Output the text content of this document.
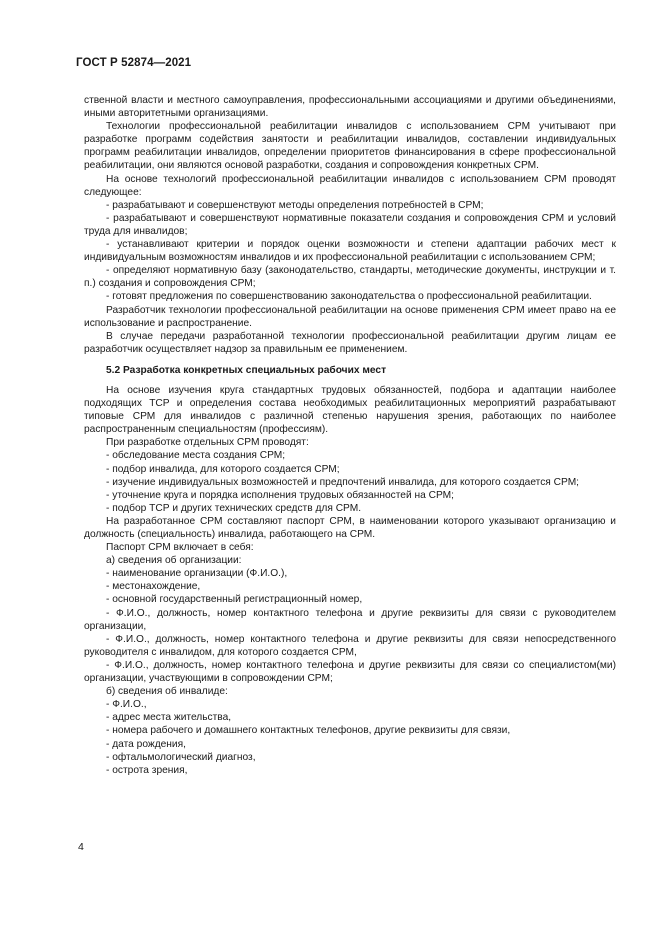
ГОСТ Р 52874—2021

ственной власти и местного самоуправления, профессиональными ассоциациями и другими объединениями, иными авторитетными организациями.

Технологии профессиональной реабилитации инвалидов с использованием СРМ учитывают при разработке программ содействия занятости и реабилитации инвалидов, составлении индивидуальных программ реабилитации инвалидов, определении приоритетов финансирования в сфере профессиональной реабилитации, они являются основой разработки, создания и сопровождения конкретных СРМ.

На основе технологий профессиональной реабилитации инвалидов с использованием СРМ проводят следующее:

- разрабатывают и совершенствуют методы определения потребностей в СРМ;

- разрабатывают и совершенствуют нормативные показатели создания и сопровождения СРМ и условий труда для инвалидов;

- устанавливают критерии и порядок оценки возможности и степени адаптации рабочих мест к индивидуальным возможностям инвалидов и их профессиональной реабилитации с использованием СРМ;

- определяют нормативную базу (законодательство, стандарты, методические документы, инструкции и т. п.) создания и сопровождения СРМ;

- готовят предложения по совершенствованию законодательства о профессиональной реабилитации.

Разработчик технологии профессиональной реабилитации на основе применения СРМ имеет право на ее использование и распространение.

В случае передачи разработанной технологии профессиональной реабилитации другим лицам ее разработчик осуществляет надзор за правильным ее применением.

5.2 Разработка конкретных специальных рабочих мест

На основе изучения круга стандартных трудовых обязанностей, подбора и адаптации наиболее подходящих ТСР и определения состава необходимых реабилитационных мероприятий разрабатывают типовые СРМ для инвалидов с различной степенью нарушения зрения, работающих по наиболее распространенным специальностям (профессиям).

При разработке отдельных СРМ проводят:

- обследование места создания СРМ;

- подбор инвалида, для которого создается СРМ;

- изучение индивидуальных возможностей и предпочтений инвалида, для которого создается СРМ;

- уточнение круга и порядка исполнения трудовых обязанностей на СРМ;

- подбор ТСР и других технических средств для СРМ.

На разработанное СРМ составляют паспорт СРМ, в наименовании которого указывают организацию и должность (специальность) инвалида, работающего на СРМ.

Паспорт СРМ включает в себя:

а) сведения об организации:

- наименование организации (Ф.И.О.),

- местонахождение,

- основной государственный регистрационный номер,

- Ф.И.О., должность, номер контактного телефона и другие реквизиты для связи с руководителем организации,

- Ф.И.О., должность, номер контактного телефона и другие реквизиты для связи непосредственного руководителя с инвалидом, для которого создается СРМ,

- Ф.И.О., должность, номер контактного телефона и другие реквизиты для связи со специалистом(ми) организации, участвующими в сопровождении СРМ;

б) сведения об инвалиде:

- Ф.И.О.,

- адрес места жительства,

- номера рабочего и домашнего контактных телефонов, другие реквизиты для связи,

- дата рождения,

- офтальмологический диагноз,

- острота зрения,

4
